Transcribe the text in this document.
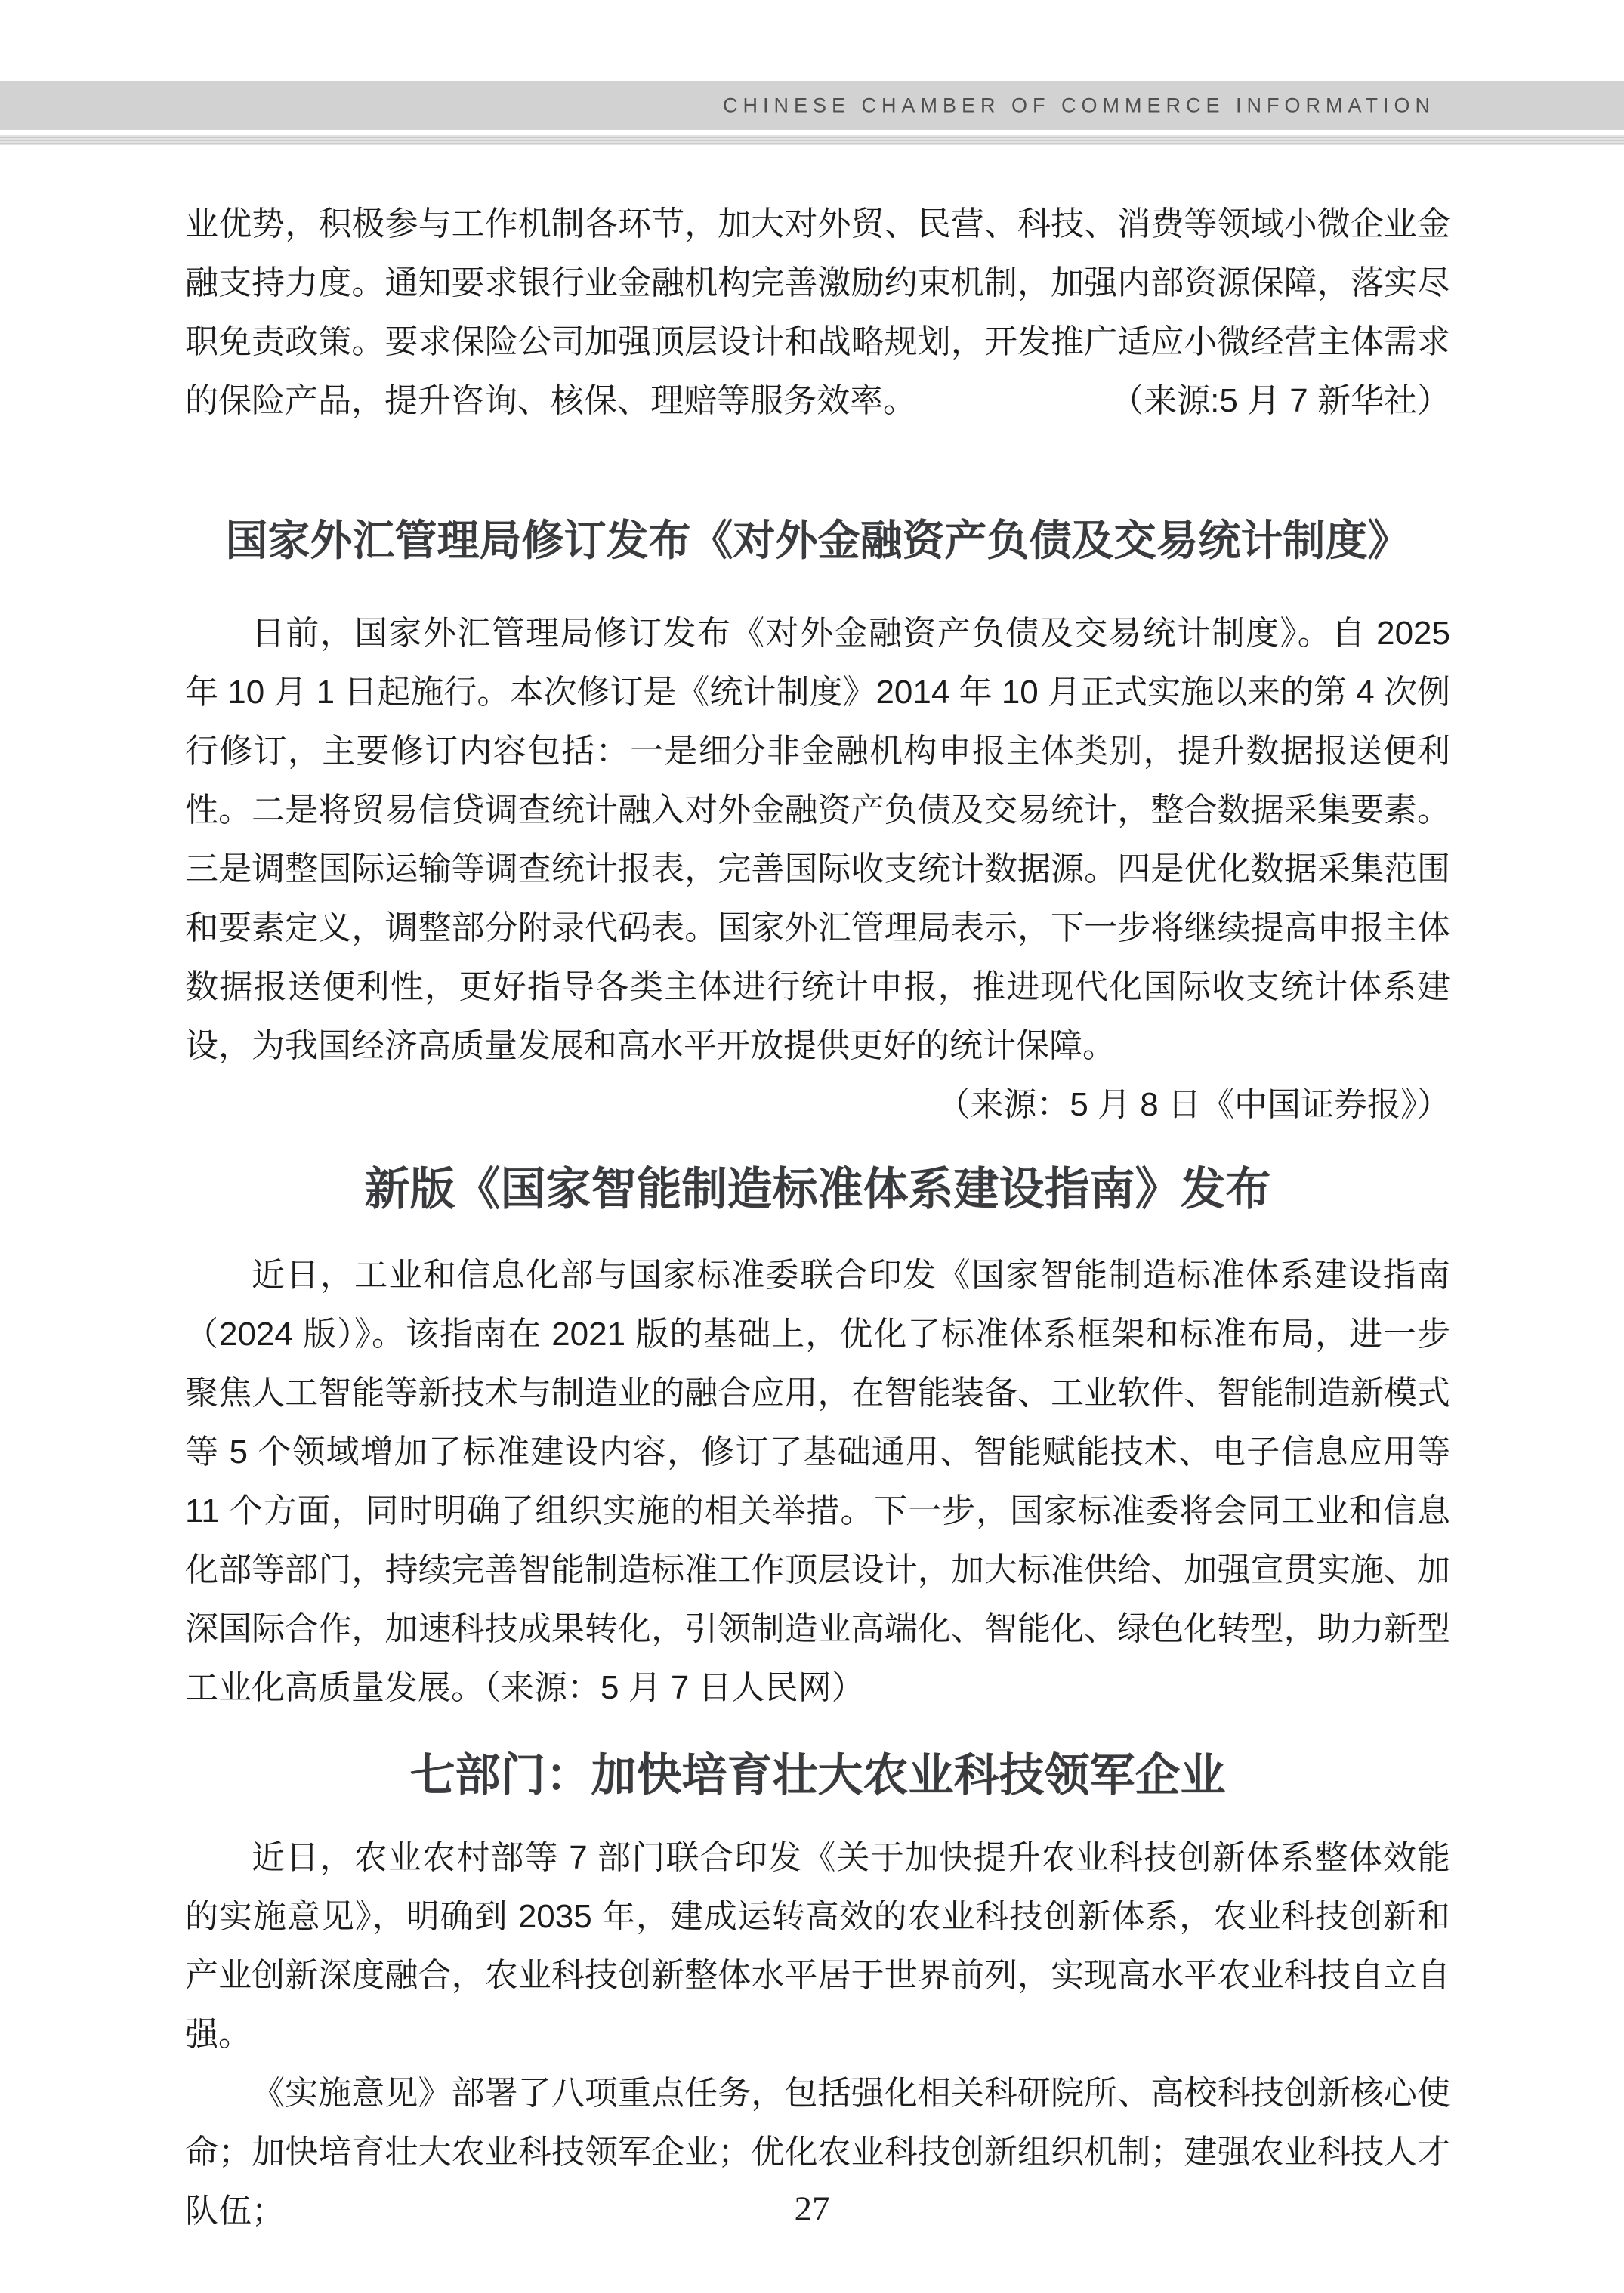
CHINESE CHAMBER OF COMMERCE INFORMATION

业优势，积极参与工作机制各环节，加大对外贸、民营、科技、消费等领域小微企业金融支持力度。通知要求银行业金融机构完善激励约束机制，加强内部资源保障，落实尽职免责政策。要求保险公司加强顶层设计和战略规划，开发推广适应小微经营主体需求的保险产品，提升咨询、核保、理赔等服务效率。	（来源:5 月 7 新华社）

国家外汇管理局修订发布《对外金融资产负债及交易统计制度》

日前，国家外汇管理局修订发布《对外金融资产负债及交易统计制度》。自 2025 年 10 月 1 日起施行。本次修订是《统计制度》2014 年 10 月正式实施以来的第 4 次例行修订，主要修订内容包括：一是细分非金融机构申报主体类别，提升数据报送便利性。二是将贸易信贷调查统计融入对外金融资产负债及交易统计，整合数据采集要素。三是调整国际运输等调查统计报表，完善国际收支统计数据源。四是优化数据采集范围和要素定义，调整部分附录代码表。国家外汇管理局表示，下一步将继续提高申报主体数据报送便利性，更好指导各类主体进行统计申报，推进现代化国际收支统计体系建设，为我国经济高质量发展和高水平开放提供更好的统计保障。
（来源：5 月 8 日《中国证券报》）

新版《国家智能制造标准体系建设指南》发布

近日，工业和信息化部与国家标准委联合印发《国家智能制造标准体系建设指南（2024 版）》。该指南在 2021 版的基础上，优化了标准体系框架和标准布局，进一步聚焦人工智能等新技术与制造业的融合应用，在智能装备、工业软件、智能制造新模式等 5 个领域增加了标准建设内容，修订了基础通用、智能赋能技术、电子信息应用等 11 个方面，同时明确了组织实施的相关举措。下一步，国家标准委将会同工业和信息化部等部门，持续完善智能制造标准工作顶层设计，加大标准供给、加强宣贯实施、加深国际合作，加速科技成果转化，引领制造业高端化、智能化、绿色化转型，助力新型工业化高质量发展。（来源：5 月 7 日人民网）

七部门：加快培育壮大农业科技领军企业

近日，农业农村部等 7 部门联合印发《关于加快提升农业科技创新体系整体效能的实施意见》，明确到 2035 年，建成运转高效的农业科技创新体系，农业科技创新和产业创新深度融合，农业科技创新整体水平居于世界前列，实现高水平农业科技自立自强。

《实施意见》部署了八项重点任务，包括强化相关科研院所、高校科技创新核心使命；加快培育壮大农业科技领军企业；优化农业科技创新组织机制；建强农业科技人才队伍；	27
